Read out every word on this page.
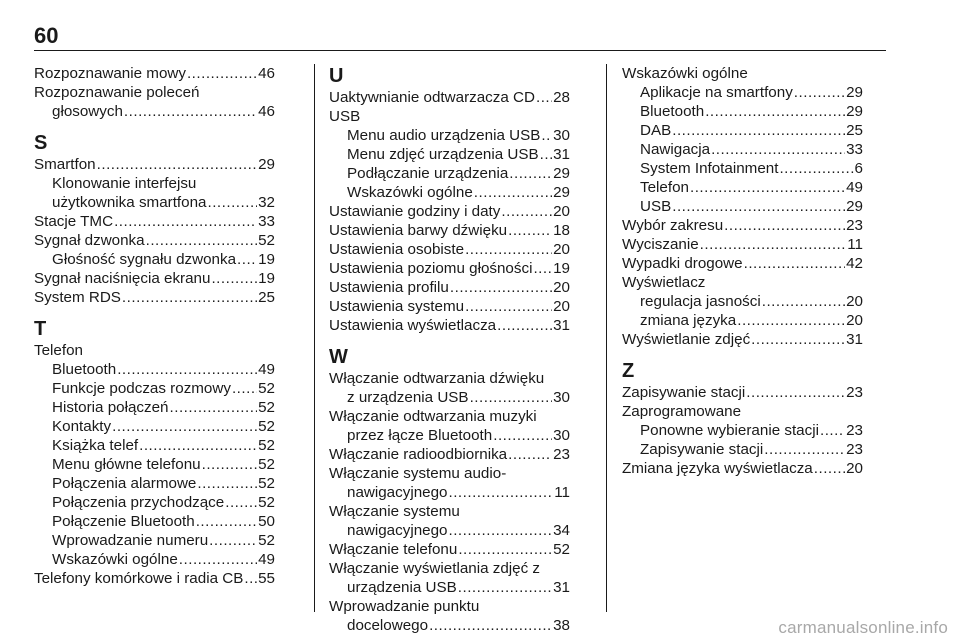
60
Rozpoznawanie mowy .....	46
Rozpoznawanie poleceń
głosowych .....	46
S
Smartfon .....	29
Klonowanie interfejsu
użytkownika smartfona .....	32
Stacje TMC .....	33
Sygnał dzwonka .....	52
Głośność sygnału dzwonka ..... 19
Sygnał naciśnięcia ekranu .....	19
System RDS .....	25
T
Telefon
Bluetooth .....	49
Funkcje podczas rozmowy ..... 52
Historia połączeń .....	52
Kontakty .....	52
Książka telef .....	52
Menu główne telefonu .....	52
Połączenia alarmowe .....	52
Połączenia przychodzące ..... 52
Połączenie Bluetooth .....	50
Wprowadzanie numeru .....	52
Wskazówki ogólne .....	49
Telefony komórkowe i radia CB ..... 55
U
Uaktywnianie odtwarzacza CD ..... 28
USB
Menu audio urządzenia USB ..... 30
Menu zdjęć urządzenia USB ..... 31
Podłączanie urządzenia .....	29
Wskazówki ogólne .....	29
Ustawianie godziny i daty .....	20
Ustawienia barwy dźwięku .....	18
Ustawienia osobiste .....	20
Ustawienia poziomu głośności ..... 19
Ustawienia profilu .....	20
Ustawienia systemu .....	20
Ustawienia wyświetlacza .....	31
W
Włączanie odtwarzania dźwięku
z urządzenia USB .....	30
Włączanie odtwarzania muzyki
przez łącze Bluetooth .....	30
Włączanie radioodbiornika .....	23
Włączanie systemu audio-
nawigacyjnego .....	11
Włączanie systemu
nawigacyjnego .....	34
Włączanie telefonu .....	52
Włączanie wyświetlania zdjęć z
urządzenia USB .....	31
Wprowadzanie punktu
docelowego .....	38
Wskazówki ogólne
Aplikacje na smartfony .....	29
Bluetooth .....	29
DAB .....	25
Nawigacja .....	33
System Infotainment .....	6
Telefon .....	49
USB .....	29
Wybór zakresu .....	23
Wyciszanie .....	11
Wypadki drogowe .....	42
Wyświetlacz
regulacja jasności .....	20
zmiana języka .....	20
Wyświetlanie zdjęć .....	31
Z
Zapisywanie stacji .....	23
Zaprogramowane
Ponowne wybieranie stacji ..... 23
Zapisywanie stacji .....	23
Zmiana języka wyświetlacza ..... 20
carmanualsonline.info
